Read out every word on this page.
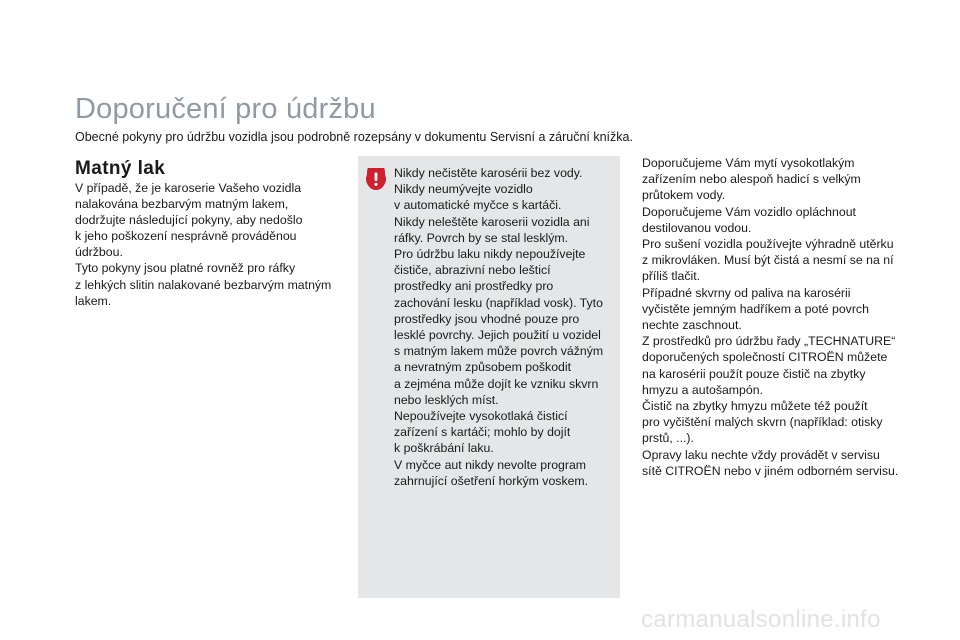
Doporučení pro údržbu
Obecné pokyny pro údržbu vozidla jsou podrobně rozepsány v dokumentu Servisní a záruční knížka.
Matný lak
V případě, že je karoserie Vašeho vozidla
nalakována bezbarvým matným lakem,
dodržujte následující pokyny, aby nedošlo
k jeho poškození nesprávně prováděnou
údržbou.
Tyto pokyny jsou platné rovněž pro ráfky
z lehkých slitin nalakované bezbarvým matným
lakem.
Nikdy nečistěte karosérii bez vody.
Nikdy neumývejte vozidlo
v automatické myčce s kartáči.
Nikdy neleštěte karoserii vozidla ani
ráfky. Povrch by se stal lesklým.
Pro údržbu laku nikdy nepoužívejte
čističe, abrazivní nebo lešticí
prostředky ani prostředky pro
zachování lesku (například vosk). Tyto
prostředky jsou vhodné pouze pro
lesklé povrchy. Jejich použití u vozidel
s matným lakem může povrch vážným
a nevratným způsobem poškodit
a zejména může dojít ke vzniku skvrn
nebo lesklých míst.
Nepoužívejte vysokotlaká čisticí
zařízení s kartáči; mohlo by dojít
k poškrábání laku.
V myčce aut nikdy nevolte program
zahrnující ošetření horkým voskem.
Doporučujeme Vám mytí vysokotlakým
zařízením nebo alespoň hadicí s velkým
průtokem vody.
Doporučujeme Vám vozidlo opláchnout
destilovanou vodou.
Pro sušení vozidla používejte výhradně utěrku
z mikrovláken. Musí být čistá a nesmí se na ní
příliš tlačit.
Případné skvrny od paliva na karosérii
vyčistěte jemným hadříkem a poté povrch
nechte zaschnout.
Z prostředků pro údržbu řady „TECHNATURE“
doporučených společností CITROËN můžete
na karosérii použít pouze čistič na zbytky
hmyzu a autošampón.
Čistič na zbytky hmyzu můžete též použít
pro vyčištění malých skvrn (například: otisky
prstů, ...).
Opravy laku nechte vždy provádět v servisu
sítě CITROËN nebo v jiném odborném servisu.
carmanualsonline.info
